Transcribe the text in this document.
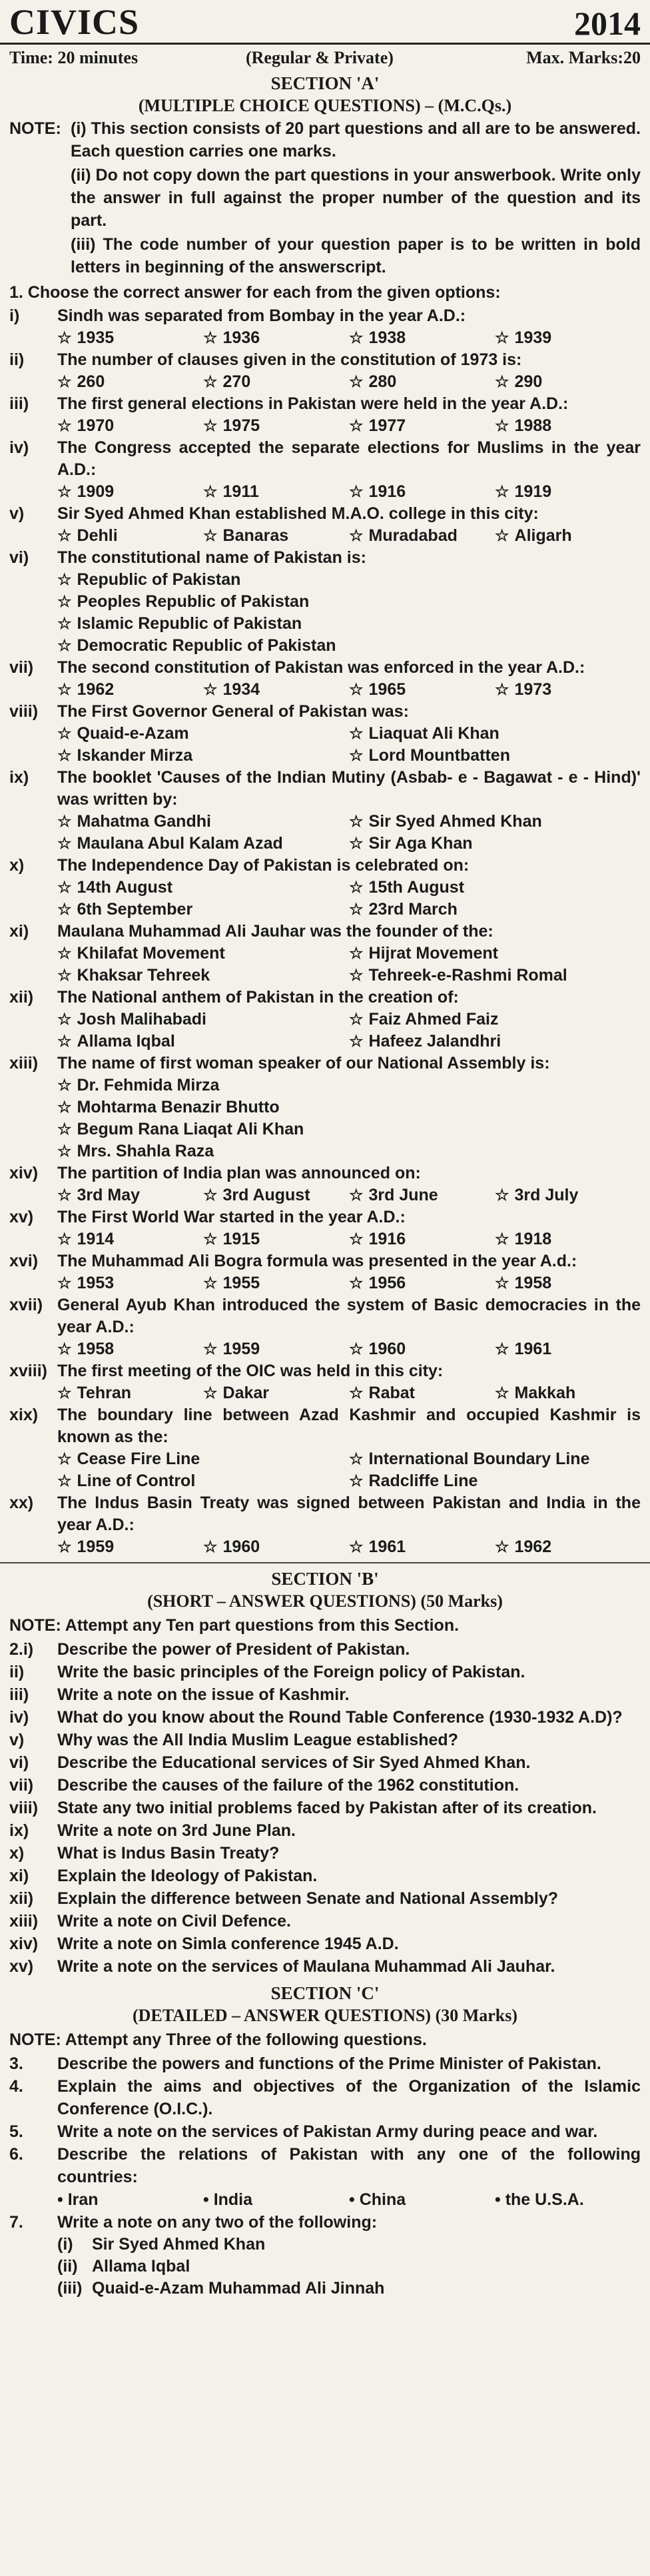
CIVICS	2014
Time: 20 minutes	(Regular & Private)	Max. Marks:20
SECTION 'A'
(MULTIPLE CHOICE QUESTIONS) – (M.C.Qs.)
NOTE: (i) This section consists of 20 part questions and all are to be answered. Each question carries one marks.

(ii) Do not copy down the part questions in your answerbook. Write only the answer in full against the proper number of the question and its part.

(iii) The code number of your question paper is to be written in bold letters in beginning of the answerscript.

1. Choose the correct answer for each from the given options:
i)	Sindh was separated from Bombay in the year A.D.:
☆ 1935	☆ 1936	☆ 1938	☆ 1939
ii)	The number of clauses given in the constitution of 1973 is:
☆ 260	☆ 270	☆ 280	☆ 290
iii)	The first general elections in Pakistan were held in the year A.D.:
☆ 1970	☆ 1975	☆ 1977	☆ 1988
iv)	The Congress accepted the separate elections for Muslims in the year A.D.:
☆ 1909	☆ 1911	☆ 1916	☆ 1919
v)	Sir Syed Ahmed Khan established M.A.O. college in this city:
☆ Dehli	☆ Banaras	☆ Muradabad	☆ Aligarh
vi)	The constitutional name of Pakistan is:
☆ Republic of Pakistan
☆ Peoples Republic of Pakistan
☆ Islamic Republic of Pakistan
☆ Democratic Republic of Pakistan
vii)	The second constitution of Pakistan was enforced in the year A.D.:
☆ 1962	☆ 1934	☆ 1965	☆ 1973
viii)	The First Governor General of Pakistan was:
☆ Quaid-e-Azam	☆ Liaquat Ali Khan
☆ Iskander Mirza	☆ Lord Mountbatten
ix)	The booklet 'Causes of the Indian Mutiny (Asbab- e - Bagawat - e - Hind)' was written by:
☆ Mahatma Gandhi	☆ Sir Syed Ahmed Khan
☆ Maulana Abul Kalam Azad	☆ Sir Aga Khan
x)	The Independence Day of Pakistan is celebrated on:
☆ 14th August	☆ 15th August
☆ 6th September	☆ 23rd March
xi)	Maulana Muhammad Ali Jauhar was the founder of the:
☆ Khilafat Movement	☆ Hijrat Movement
☆ Khaksar Tehreek	☆ Tehreek-e-Rashmi Romal
xii)	The National anthem of Pakistan in the creation of:
☆ Josh Malihabadi	☆ Faiz Ahmed Faiz
☆ Allama Iqbal	☆ Hafeez Jalandhri
xiii)	The name of first woman speaker of our National Assembly is:
☆ Dr. Fehmida Mirza
☆ Mohtarma Benazir Bhutto
☆ Begum Rana Liaqat Ali Khan
☆ Mrs. Shahla Raza
xiv)	The partition of India plan was announced on:
☆ 3rd May	☆ 3rd August	☆ 3rd June	☆ 3rd July
xv)	The First World War started in the year A.D.:
☆ 1914	☆ 1915	☆ 1916	☆ 1918
xvi)	The Muhammad Ali Bogra formula was presented in the year A.d.:
☆ 1953	☆ 1955	☆ 1956	☆ 1958
xvii) General Ayub Khan introduced the system of Basic democracies in the year A.D.:
☆ 1958	☆ 1959	☆ 1960	☆ 1961
xviii) The first meeting of the OIC was held in this city:
☆ Tehran	☆ Dakar	☆ Rabat	☆ Makkah
xix)	The boundary line between Azad Kashmir and occupied Kashmir is known as the:
☆ Cease Fire Line	☆ International Boundary Line
☆ Line of Control	☆ Radcliffe Line
xx)	The Indus Basin Treaty was signed between Pakistan and India in the year A.D.:
☆ 1959	☆ 1960	☆ 1961	☆ 1962
SECTION 'B'
(SHORT – ANSWER QUESTIONS) (50 Marks)
NOTE: Attempt any Ten part questions from this Section.
2.i)	Describe the power of President of Pakistan.
ii)	Write the basic principles of the Foreign policy of Pakistan.
iii)	Write a note on the issue of Kashmir.
iv)	What do you know about the Round Table Conference (1930-1932 A.D)?
v)	Why was the All India Muslim League established?
vi)	Describe the Educational services of Sir Syed Ahmed Khan.
vii)	Describe the causes of the failure of the 1962 constitution.
viii)	State any two initial problems faced by Pakistan after of its creation.
ix)	Write a note on 3rd June Plan.
x)	What is Indus Basin Treaty?
xi)	Explain the Ideology of Pakistan.
xii)	Explain the difference between Senate and National Assembly?
xiii)	Write a note on Civil Defence.
xiv)	Write a note on Simla conference 1945 A.D.
xv)	Write a note on the services of Maulana Muhammad Ali Jauhar.
SECTION 'C'
(DETAILED – ANSWER QUESTIONS) (30 Marks)
NOTE: Attempt any Three of the following questions.
3.	Describe the powers and functions of the Prime Minister of Pakistan.
4.	Explain the aims and objectives of the Organization of the Islamic Conference (O.I.C.).
5.	Write a note on the services of Pakistan Army during peace and war.
6.	Describe the relations of Pakistan with any one of the following countries:
• Iran	• India	• China	• the U.S.A.
7.	Write a note on any two of the following:
(i)	Sir Syed Ahmed Khan
(ii) Allama Iqbal
(iii) Quaid-e-Azam Muhammad Ali Jinnah
